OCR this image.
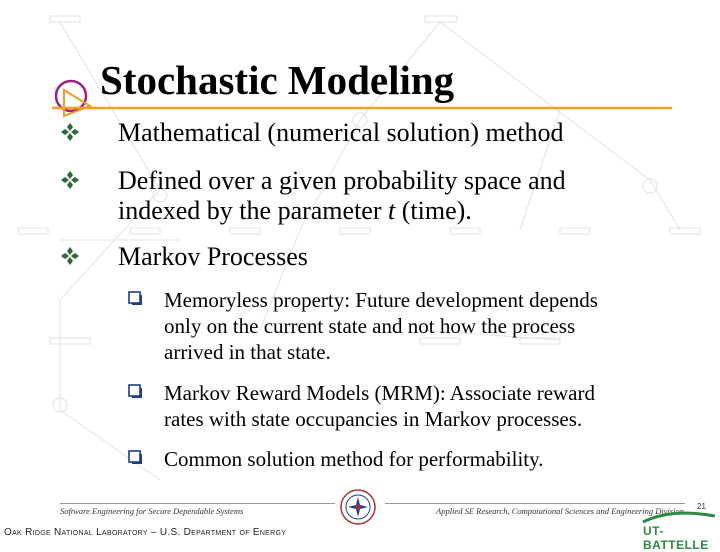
Stochastic Modeling
Mathematical (numerical solution) method
Defined over a given probability space and
indexed by the parameter t (time).
Markov Processes
Memoryless property: Future development depends
only on the current state and not how the process
arrived in that state.
Markov Reward Models (MRM): Associate reward
rates with state occupancies in Markov processes.
Common solution method for performability.
Software Engineering for Secure Dependable Systems	Applied SE Research, Computational Sciences and Engineering Division 21
Oak Ridge National Laboratory – U.S. Department of Energy	UT-BATTELLE
